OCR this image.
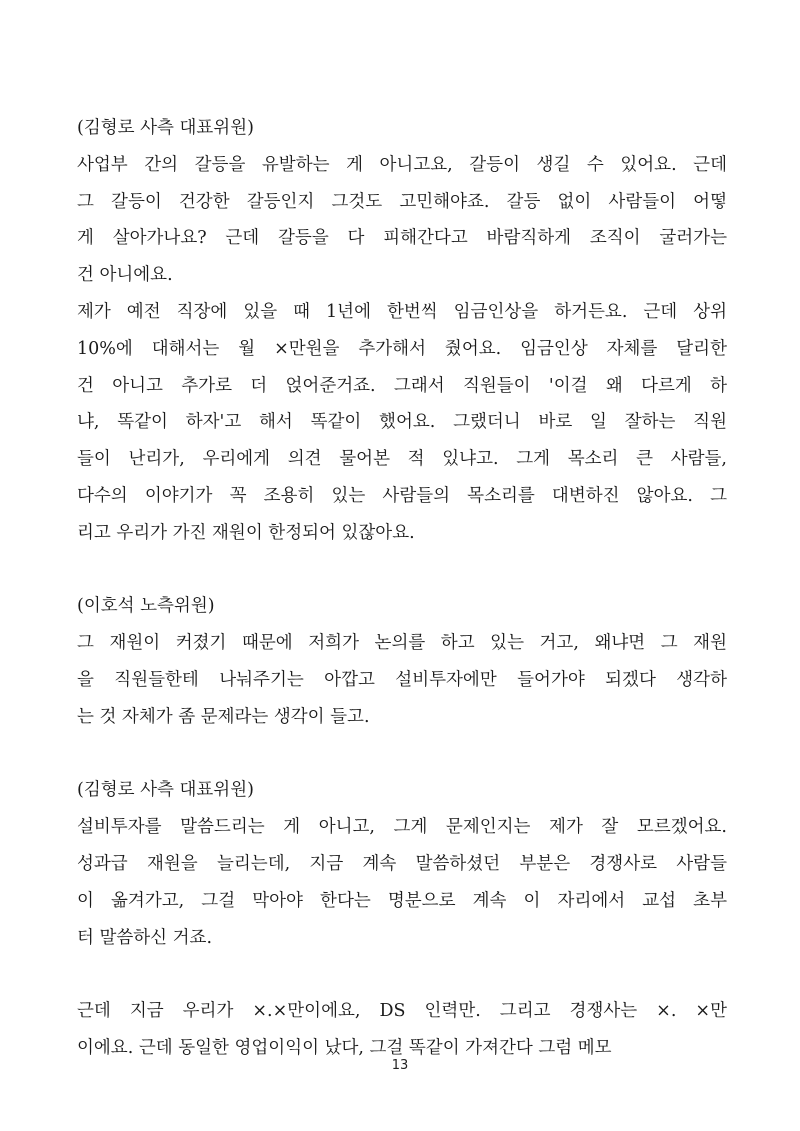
(김형로 사측 대표위원)
사업부 간의 갈등을 유발하는 게 아니고요, 갈등이 생길 수 있어요. 근데
그 갈등이 건강한 갈등인지 그것도 고민해야죠. 갈등 없이 사람들이 어떻
게 살아가나요? 근데 갈등을 다 피해간다고 바람직하게 조직이 굴러가는
건 아니에요.
제가 예전 직장에 있을 때 1년에 한번씩 임금인상을 하거든요. 근데 상위
10%에 대해서는 월 ×만원을 추가해서 줬어요. 임금인상 자체를 달리한
건 아니고 추가로 더 얹어준거죠. 그래서 직원들이 '이걸 왜 다르게 하
냐, 똑같이 하자'고 해서 똑같이 했어요. 그랬더니 바로 일 잘하는 직원
들이 난리가, 우리에게 의견 물어본 적 있냐고. 그게 목소리 큰 사람들,
다수의 이야기가 꼭 조용히 있는 사람들의 목소리를 대변하진 않아요. 그
리고 우리가 가진 재원이 한정되어 있잖아요.
(이호석 노측위원)
그 재원이 커졌기 때문에 저희가 논의를 하고 있는 거고, 왜냐면 그 재원
을 직원들한테 나눠주기는 아깝고 설비투자에만 들어가야 되겠다 생각하
는 것 자체가 좀 문제라는 생각이 들고.
(김형로 사측 대표위원)
설비투자를 말씀드리는 게 아니고, 그게 문제인지는 제가 잘 모르겠어요.
성과급 재원을 늘리는데, 지금 계속 말씀하셨던 부분은 경쟁사로 사람들
이 옮겨가고, 그걸 막아야 한다는 명분으로 계속 이 자리에서 교섭 초부
터 말씀하신 거죠.
근데 지금 우리가 ×.×만이에요, DS 인력만. 그리고 경쟁사는 ×. ×만
이에요. 근데 동일한 영업이익이 났다, 그걸 똑같이 가져간다 그럼 메모
13
